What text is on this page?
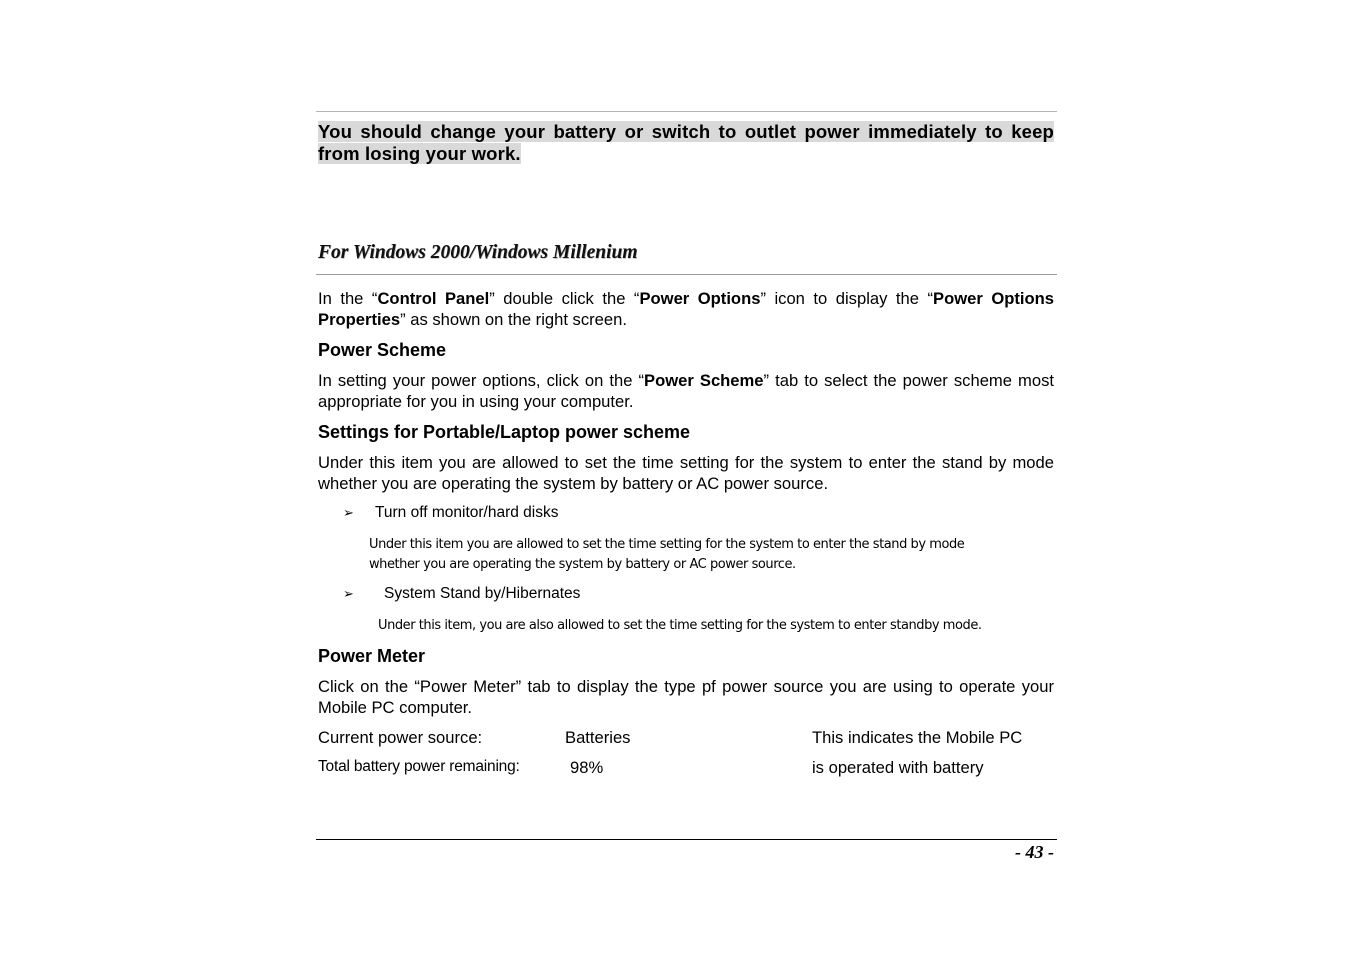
You should change your battery or switch to outlet power immediately to keep from losing your work.
For Windows 2000/Windows Millenium
In the “Control Panel” double click the “Power Options” icon to display the “Power Options Properties” as shown on the right screen.
Power Scheme
In setting your power options, click on the “Power Scheme” tab to select the power scheme most appropriate for you in using your computer.
Settings for Portable/Laptop power scheme
Under this item you are allowed to set the time setting for the system to enter the stand by mode whether you are operating the system by battery or AC power source.
➢ Turn off monitor/hard disks
Under this item you are allowed to set the time setting for the system to enter the stand by mode
whether you are operating the system by battery or AC power source.
➢ System Stand by/Hibernates
Under this item, you are also allowed to set the time setting for the system to enter standby mode.
Power Meter
Click on the “Power Meter” tab to display the type pf power source you are using to operate your Mobile PC computer.
Current power source:	Batteries	This indicates the Mobile PC
Total battery power remaining:	98%	is operated with battery
- 43 -
